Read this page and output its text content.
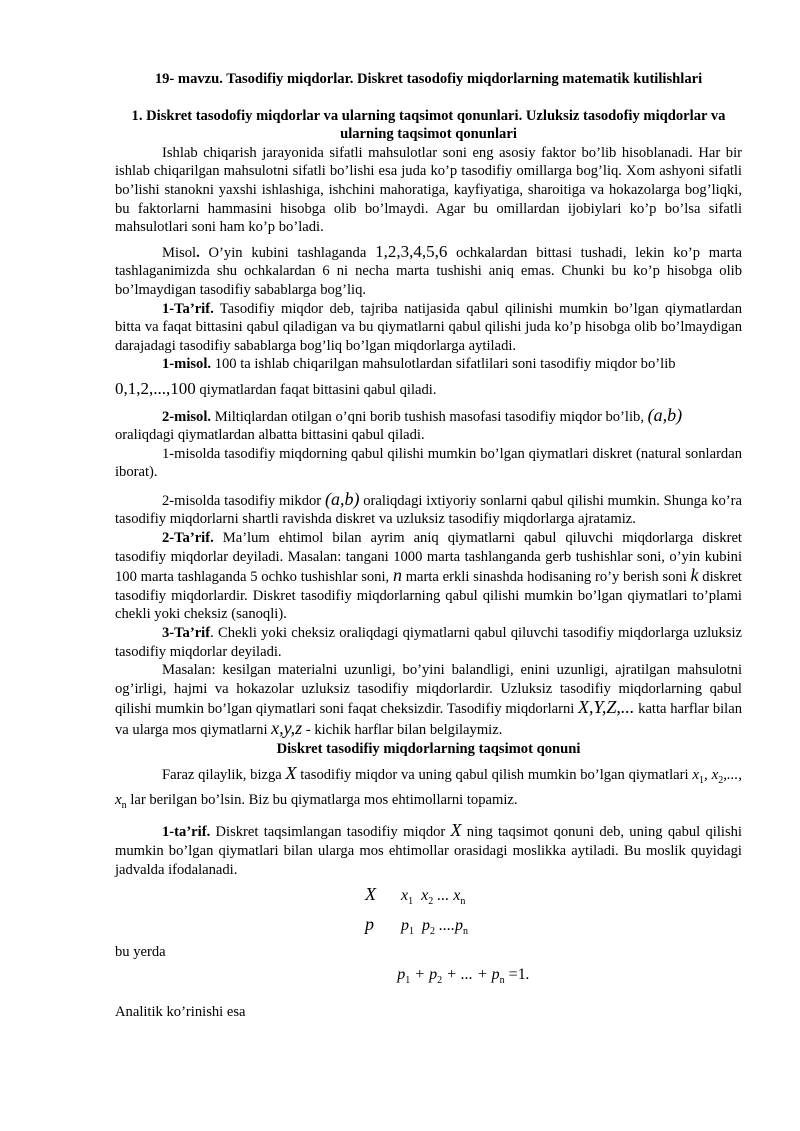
19- mavzu. Tasodifiy miqdorlar. Diskret tasodofiy miqdorlarning matematik kutilishlari
1. Diskret tasodofiy miqdorlar va ularning taqsimot qonunlari. Uzluksiz tasodofiy miqdorlar va ularning taqsimot qonunlari

Ishlab chiqarish jarayonida sifatli mahsulotlar soni eng asosiy faktor bo’lib hisoblanadi. Har bir ishlab chiqarilgan mahsulotni sifatli bo’lishi esa juda ko’p tasodifiy omillarga bog’liq. Xom ashyoni sifatli bo’lishi stanokni yaxshi ishlashiga, ishchini mahoratiga, kayfiyatiga, sharoitiga va hokazolarga bog’liqki, bu faktorlarni hammasini hisobga olib bo’lmaydi. Agar bu omillardan ijobiylari ko’p bo’lsa sifatli mahsulotlari soni ham ko’p bo’ladi.

Misol. O’yin kubini tashlaganda 1,2,3,4,5,6 ochkalardan bittasi tushadi, lekin ko’p marta tashlaganimizda shu ochkalardan 6 ni necha marta tushishi aniq emas. Chunki bu ko’p hisobga olib bo’lmaydigan tasodifiy sabablarga bog’liq.

1-Ta’rif. Tasodifiy miqdor deb, tajriba natijasida qabul qilinishi mumkin bo’lgan qiymatlardan bitta va faqat bittasini qabul qiladigan va bu qiymatlarni qabul qilishi juda ko’p hisobga olib bo’lmaydigan darajadagi tasodifiy sabablarga bog’liq bo’lgan miqdorlarga aytiladi.

1-misol. 100 ta ishlab chiqarilgan mahsulotlardan sifatlilari soni tasodifiy miqdor bo’lib

0,1,2,...,100 qiymatlardan faqat bittasini qabul qiladi.

2-misol. Miltiqlardan otilgan o’qni borib tushish masofasi tasodifiy miqdor bo’lib, (a,b)

oraliqdagi qiymatlardan albatta bittasini qabul qiladi.

1-misolda tasodifiy miqdorning qabul qilishi mumkin bo’lgan qiymatlari diskret (natural sonlardan iborat).

2-misolda tasodifiy mikdor (a,b) oraliqdagi ixtiyoriy sonlarni qabul qilishi mumkin. Shunga ko’ra tasodifiy miqdorlarni shartli ravishda diskret va uzluksiz tasodifiy miqdorlarga ajratamiz.

2-Ta’rif. Ma’lum ehtimol bilan ayrim aniq qiymatlarni qabul qiluvchi miqdorlarga diskret tasodifiy miqdorlar deyiladi. Masalan: tangani 1000 marta tashlanganda gerb tushishlar soni, o’yin kubini 100 marta tashlaganda 5 ochko tushishlar soni, n marta erkli sinashda hodisaning ro’y berish soni k diskret tasodifiy miqdorlardir. Diskret tasodifiy miqdorlarning qabul qilishi mumkin bo’lgan qiymatlari to’plami chekli yoki cheksiz (sanoqli).

3-Ta’rif. Chekli yoki cheksiz oraliqdagi qiymatlarni qabul qiluvchi tasodifiy miqdorlarga uzluksiz tasodifiy miqdorlar deyiladi.

Masalan: kesilgan materialni uzunligi, bo’yini balandligi, enini uzunligi, ajratilgan mahsulotni og’irligi, hajmi va hokazolar uzluksiz tasodifiy miqdorlardir. Uzluksiz tasodifiy miqdorlarning qabul qilishi mumkin bo’lgan qiymatlari soni faqat cheksizdir. Tasodifiy miqdorlarni X,Y,Z,... katta harflar bilan va ularga mos qiymatlarni x,y,z - kichik harflar bilan belgilaymiz.

Diskret tasodifiy miqdorlarning taqsimot qonuni

Faraz qilaylik, bizga X tasodifiy miqdor va uning qabul qilish mumkin bo’lgan qiymatlari $x_1$, $x_2$,..., $x_n$ lar berilgan bo’lsin. Biz bu qiymatlarga mos ehtimollarni topamiz.

1-ta’rif. Diskret taqsimlangan tasodifiy miqdor X ning taqsimot qonuni deb, uning qabul qilishi mumkin bo’lgan qiymatlari bilan ularga mos ehtimollar orasidagi moslikka aytiladi. Bu moslik quyidagi jadvalda ifodalanadi.

X $x_1$  $x_2$ ... $x_n$
p $p_1$  $p_2$ $....p_n$

bu yerda

$p_1 + p_2$ + ... + $p_n =1$.

Analitik ko’rinishi esa
